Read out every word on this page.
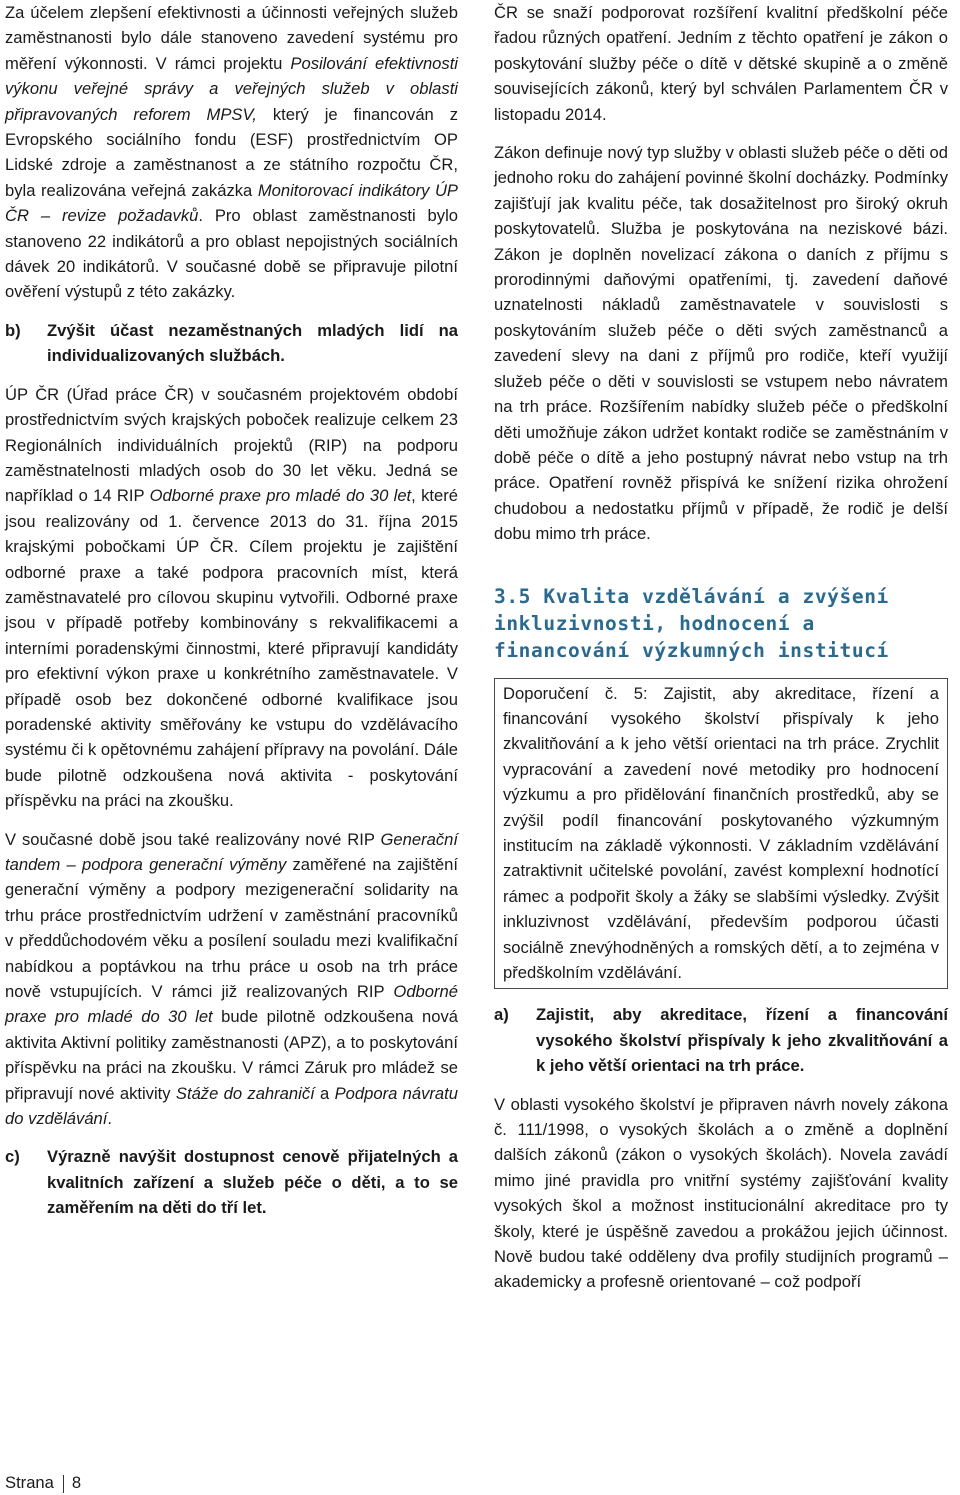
Za účelem zlepšení efektivnosti a účinnosti veřejných služeb zaměstnanosti bylo dále stanoveno zavedení systému pro měření výkonnosti. V rámci projektu Posilování efektivnosti výkonu veřejné správy a veřejných služeb v oblasti připravovaných reforem MPSV, který je financován z Evropského sociálního fondu (ESF) prostřednictvím OP Lidské zdroje a zaměstnanost a ze státního rozpočtu ČR, byla realizována veřejná zakázka Monitorovací indikátory ÚP ČR – revize požadavků. Pro oblast zaměstnanosti bylo stanoveno 22 indikátorů a pro oblast nepojistných sociálních dávek 20 indikátorů. V současné době se připravuje pilotní ověření výstupů z této zakázky.

b)	Zvýšit účast nezaměstnaných mladých lidí na individualizovaných službách.

ÚP ČR (Úřad práce ČR) v současném projektovém období prostřednictvím svých krajských poboček realizuje celkem 23 Regionálních individuálních projektů (RIP) na podporu zaměstnatelnosti mladých osob do 30 let věku. Jedná se například o 14 RIP Odborné praxe pro mladé do 30 let, které jsou realizovány od 1. července 2013 do 31. října 2015 krajskými pobočkami ÚP ČR. Cílem projektu je zajištění odborné praxe a také podpora pracovních míst, která zaměstnavatelé pro cílovou skupinu vytvořili. Odborné praxe jsou v případě potřeby kombinovány s rekvalifikacemi a interními poradenskými činnostmi, které připravují kandidáty pro efektivní výkon praxe u konkrétního zaměstnavatele. V případě osob bez dokončené odborné kvalifikace jsou poradenské aktivity směřovány ke vstupu do vzdělávacího systému či k opětovnému zahájení přípravy na povolání. Dále bude pilotně odzkoušena nová aktivita - poskytování příspěvku na práci na zkoušku.

V současné době jsou také realizovány nové RIP Generační tandem – podpora generační výměny zaměřené na zajištění generační výměny a podpory mezigenerační solidarity na trhu práce prostřednictvím udržení v zaměstnání pracovníků v předdůchodovém věku a posílení souladu mezi kvalifikační nabídkou a poptávkou na trhu práce u osob na trh práce nově vstupujících. V rámci již realizovaných RIP Odborné praxe pro mladé do 30 let bude pilotně odzkoušena nová aktivita Aktivní politiky zaměstnanosti (APZ), a to poskytování příspěvku na práci na zkoušku. V rámci Záruk pro mládež se připravují nové aktivity Stáže do zahraničí a Podpora návratu do vzdělávání.

c)	Výrazně navýšit dostupnost cenově přijatelných a kvalitních zařízení a služeb péče o děti, a to se zaměřením na děti do tří let.

ČR se snaží podporovat rozšíření kvalitní předškolní péče řadou různých opatření. Jedním z těchto opatření je zákon o poskytování služby péče o dítě v dětské skupině a o změně souvisejících zákonů, který byl schválen Parlamentem ČR v listopadu 2014.

Zákon definuje nový typ služby v oblasti služeb péče o děti od jednoho roku do zahájení povinné školní docházky. Podmínky zajišťují jak kvalitu péče, tak dosažitelnost pro široký okruh poskytovatelů. Služba je poskytována na neziskové bázi. Zákon je doplněn novelizací zákona o daních z příjmu s prorodinnými daňovými opatřeními, tj. zavedení daňové uznatelnosti nákladů zaměstnavatele v souvislosti s poskytováním služeb péče o děti svých zaměstnanců a zavedení slevy na dani z příjmů pro rodiče, kteří využijí služeb péče o děti v souvislosti se vstupem nebo návratem na trh práce. Rozšířením nabídky služeb péče o předškolní děti umožňuje zákon udržet kontakt rodiče se zaměstnáním v době péče o dítě a jeho postupný návrat nebo vstup na trh práce. Opatření rovněž přispívá ke snížení rizika ohrožení chudobou a nedostatku příjmů v případě, že rodič je delší dobu mimo trh práce.

3.5 Kvalita vzdělávání a zvýšení inkluzivnosti, hodnocení a financování výzkumných institucí

Doporučení č. 5: Zajistit, aby akreditace, řízení a financování vysokého školství přispívaly k jeho zkvalitňování a k jeho větší orientaci na trh práce. Zrychlit vypracování a zavedení nové metodiky pro hodnocení výzkumu a pro přidělování finančních prostředků, aby se zvýšil podíl financování poskytovaného výzkumným institucím na základě výkonnosti. V základním vzdělávání zatraktivnit učitelské povolání, zavést komplexní hodnotící rámec a podpořit školy a žáky se slabšími výsledky. Zvýšit inkluzivnost vzdělávání, především podporou účasti sociálně znevýhodněných a romských dětí, a to zejména v předškolním vzdělávání.

a)	Zajistit, aby akreditace, řízení a financování vysokého školství přispívaly k jeho zkvalitňování a k jeho větší orientaci na trh práce.

V oblasti vysokého školství je připraven návrh novely zákona č. 111/1998, o vysokých školách a o změně a doplnění dalších zákonů (zákon o vysokých školách). Novela zavádí mimo jiné pravidla pro vnitřní systémy zajišťování kvality vysokých škol a možnost institucionální akreditace pro ty školy, které je úspěšně zavedou a prokážou jejich účinnost. Nově budou také odděleny dva profily studijních programů – akademicky a profesně orientované – což podpoří

Strana 8
